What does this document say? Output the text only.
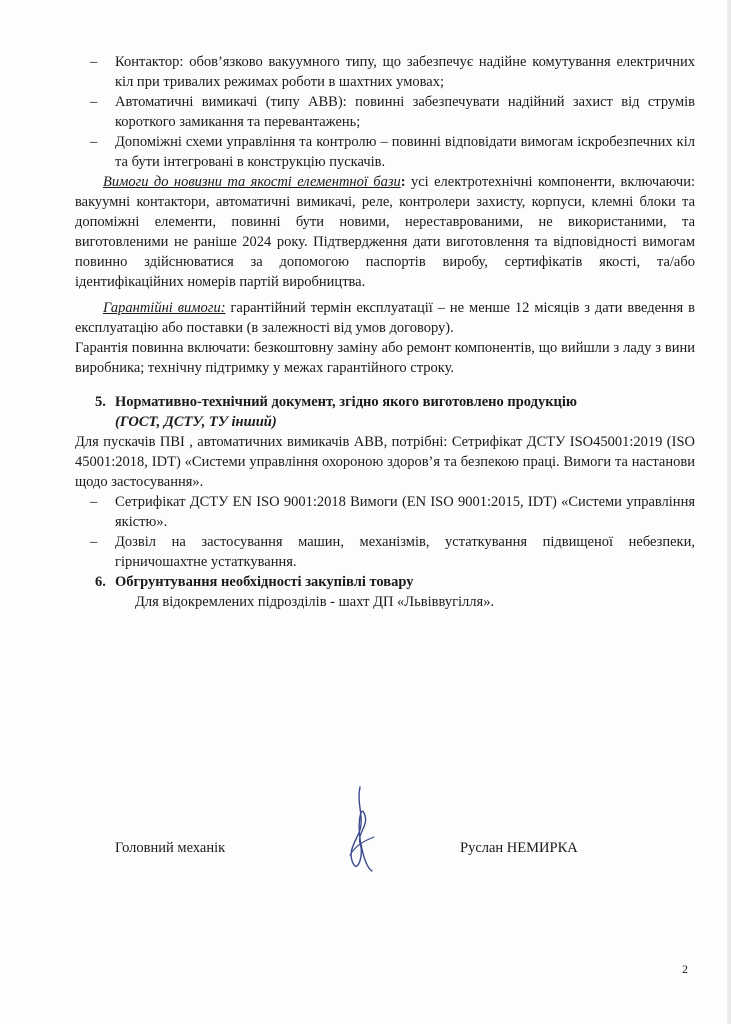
– Контактор: обов’язково вакуумного типу, що забезпечує надійне комутування електричних кіл при тривалих режимах роботи в шахтних умовах;
– Автоматичні вимикачі (типу ABB): повинні забезпечувати надійний захист від струмів короткого замикання та перевантажень;
– Допоміжні схеми управління та контролю – повинні відповідати вимогам іскробезпечних кіл та бути інтегровані в конструкцію пускачів.
Вимоги до новизни та якості елементної бази: усі електротехнічні компоненти, включаючи: вакуумні контактори, автоматичні вимикачі, реле, контролери захисту, корпуси, клемні блоки та допоміжні елементи, повинні бути новими, нереставрованими, не використаними, та виготовленими не раніше 2024 року. Підтвердження дати виготовлення та відповідності вимогам повинно здійснюватися за допомогою паспортів виробу, сертифікатів якості, та/або ідентифікаційних номерів партій виробництва.
Гарантійні вимоги: гарантійний термін експлуатації – не менше 12 місяців з дати введення в експлуатацію або поставки (в залежності від умов договору).
Гарантія повинна включати: безкоштовну заміну або ремонт компонентів, що вийшли з ладу з вини виробника; технічну підтримку у межах гарантійного строку.
5. Нормативно-технічний документ, згідно якого виготовлено продукцію
(ГОСТ, ДСТУ, ТУ інший)
Для пускачів ПВІ , автоматичних вимикачів ABB, потрібні: Сетрифікат ДСТУ ISO45001:2019 (ISO 45001:2018, IDT) «Системи управління охороною здоров’я та безпекою праці. Вимоги та настанови щодо застосування».
– Сетрифікат ДСТУ EN ISO 9001:2018 Вимоги (EN ISO 9001:2015, IDT) «Системи управління якістю».
– Дозвіл на застосування машин, механізмів, устаткування підвищеної небезпеки, гірничошахтне устаткування.
6. Обгрунтування необхідності закупівлі товару
Для відокремлених підрозділів - шахт ДП «Львіввугілля».
Головний механік	Руслан НЕМИРКА
2
